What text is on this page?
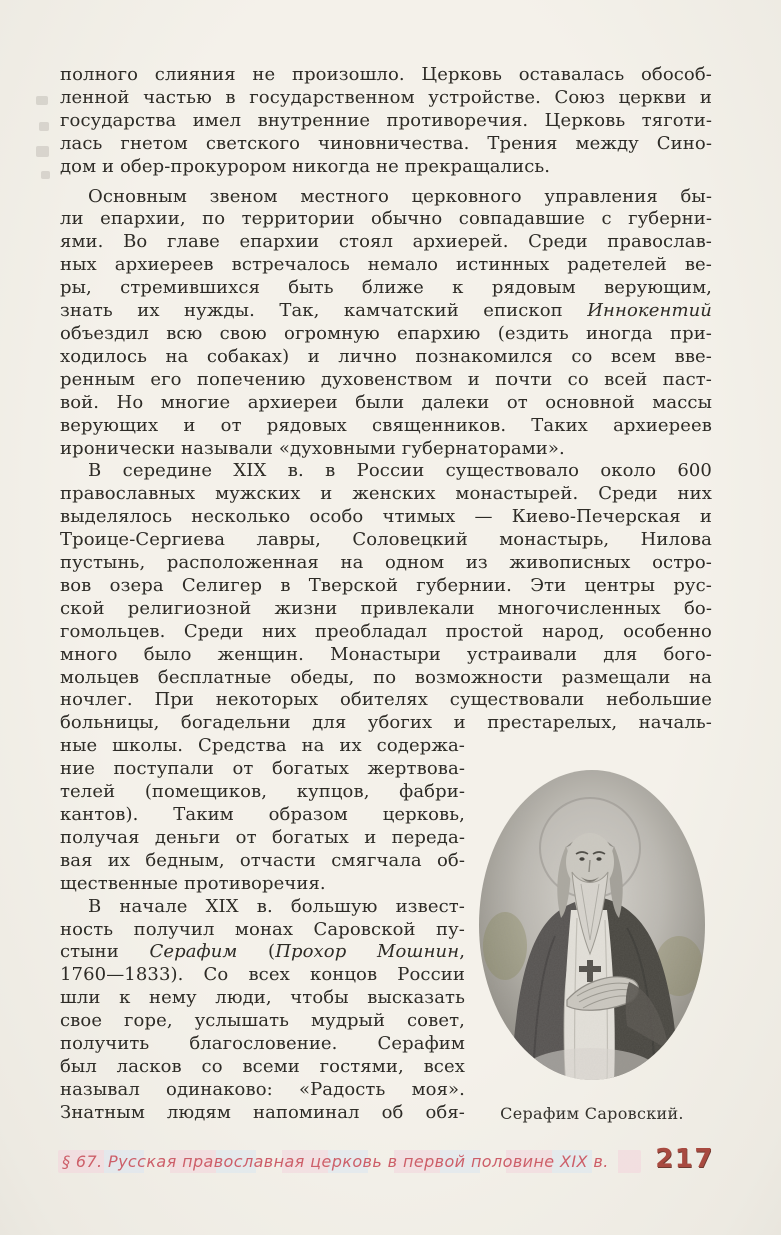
полного слияния не произошло. Церковь оставалась обособ-
ленной частью в государственном устройстве. Союз церкви и
государства имел внутренние противоречия. Церковь тяготи-
лась гнетом светского чиновничества. Трения между Сино-
дом и обер-прокурором никогда не прекращались.
Основным звеном местного церковного управления бы-
ли епархии, по территории обычно совпадавшие с губерни-
ями. Во главе епархии стоял архиерей. Среди православ-
ных архиереев встречалось немало истинных радетелей ве-
ры, стремившихся быть ближе к рядовым верующим,
знать их нужды. Так, камчатский епископ Иннокентий
объездил всю свою огромную епархию (ездить иногда при-
ходилось на собаках) и лично познакомился со всем вве-
ренным его попечению духовенством и почти со всей паст-
вой. Но многие архиереи были далеки от основной массы
верующих и от рядовых священников. Таких архиереев
иронически называли «духовными губернаторами».
В середине XIX в. в России существовало около 600
православных мужских и женских монастырей. Среди них
выделялось несколько особо чтимых — Киево-Печерская и
Троице-Сергиева лавры, Соловецкий монастырь, Нилова
пустынь, расположенная на одном из живописных остро-
вов озера Селигер в Тверской губернии. Эти центры рус-
ской религиозной жизни привлекали многочисленных бо-
гомольцев. Среди них преобладал простой народ, особенно
много было женщин. Монастыри устраивали для бого-
мольцев бесплатные обеды, по возможности размещали на
ночлег. При некоторых обителях существовали небольшие
больницы, богадельни для убогих и престарелых, началь-
ные школы. Средства на их содержа-
ние поступали от богатых жертвова-
телей (помещиков, купцов, фабри-
кантов). Таким образом церковь,
получая деньги от богатых и переда-
вая их бедным, отчасти смягчала об-
щественные противоречия.
В начале XIX в. большую извест-
ность получил монах Саровской пу-
стыни Серафим (Прохор Мошнин,
1760—1833). Со всех концов России
шли к нему люди, чтобы высказать
свое горе, услышать мудрый совет,
получить благословение. Серафим
был ласков со всеми гостями, всех
называл одинаково: «Радость моя».
Знатным людям напоминал об обя-	Серафим Саровский.
§ 67. Русская православная церковь в первой половине XIX в.	217
